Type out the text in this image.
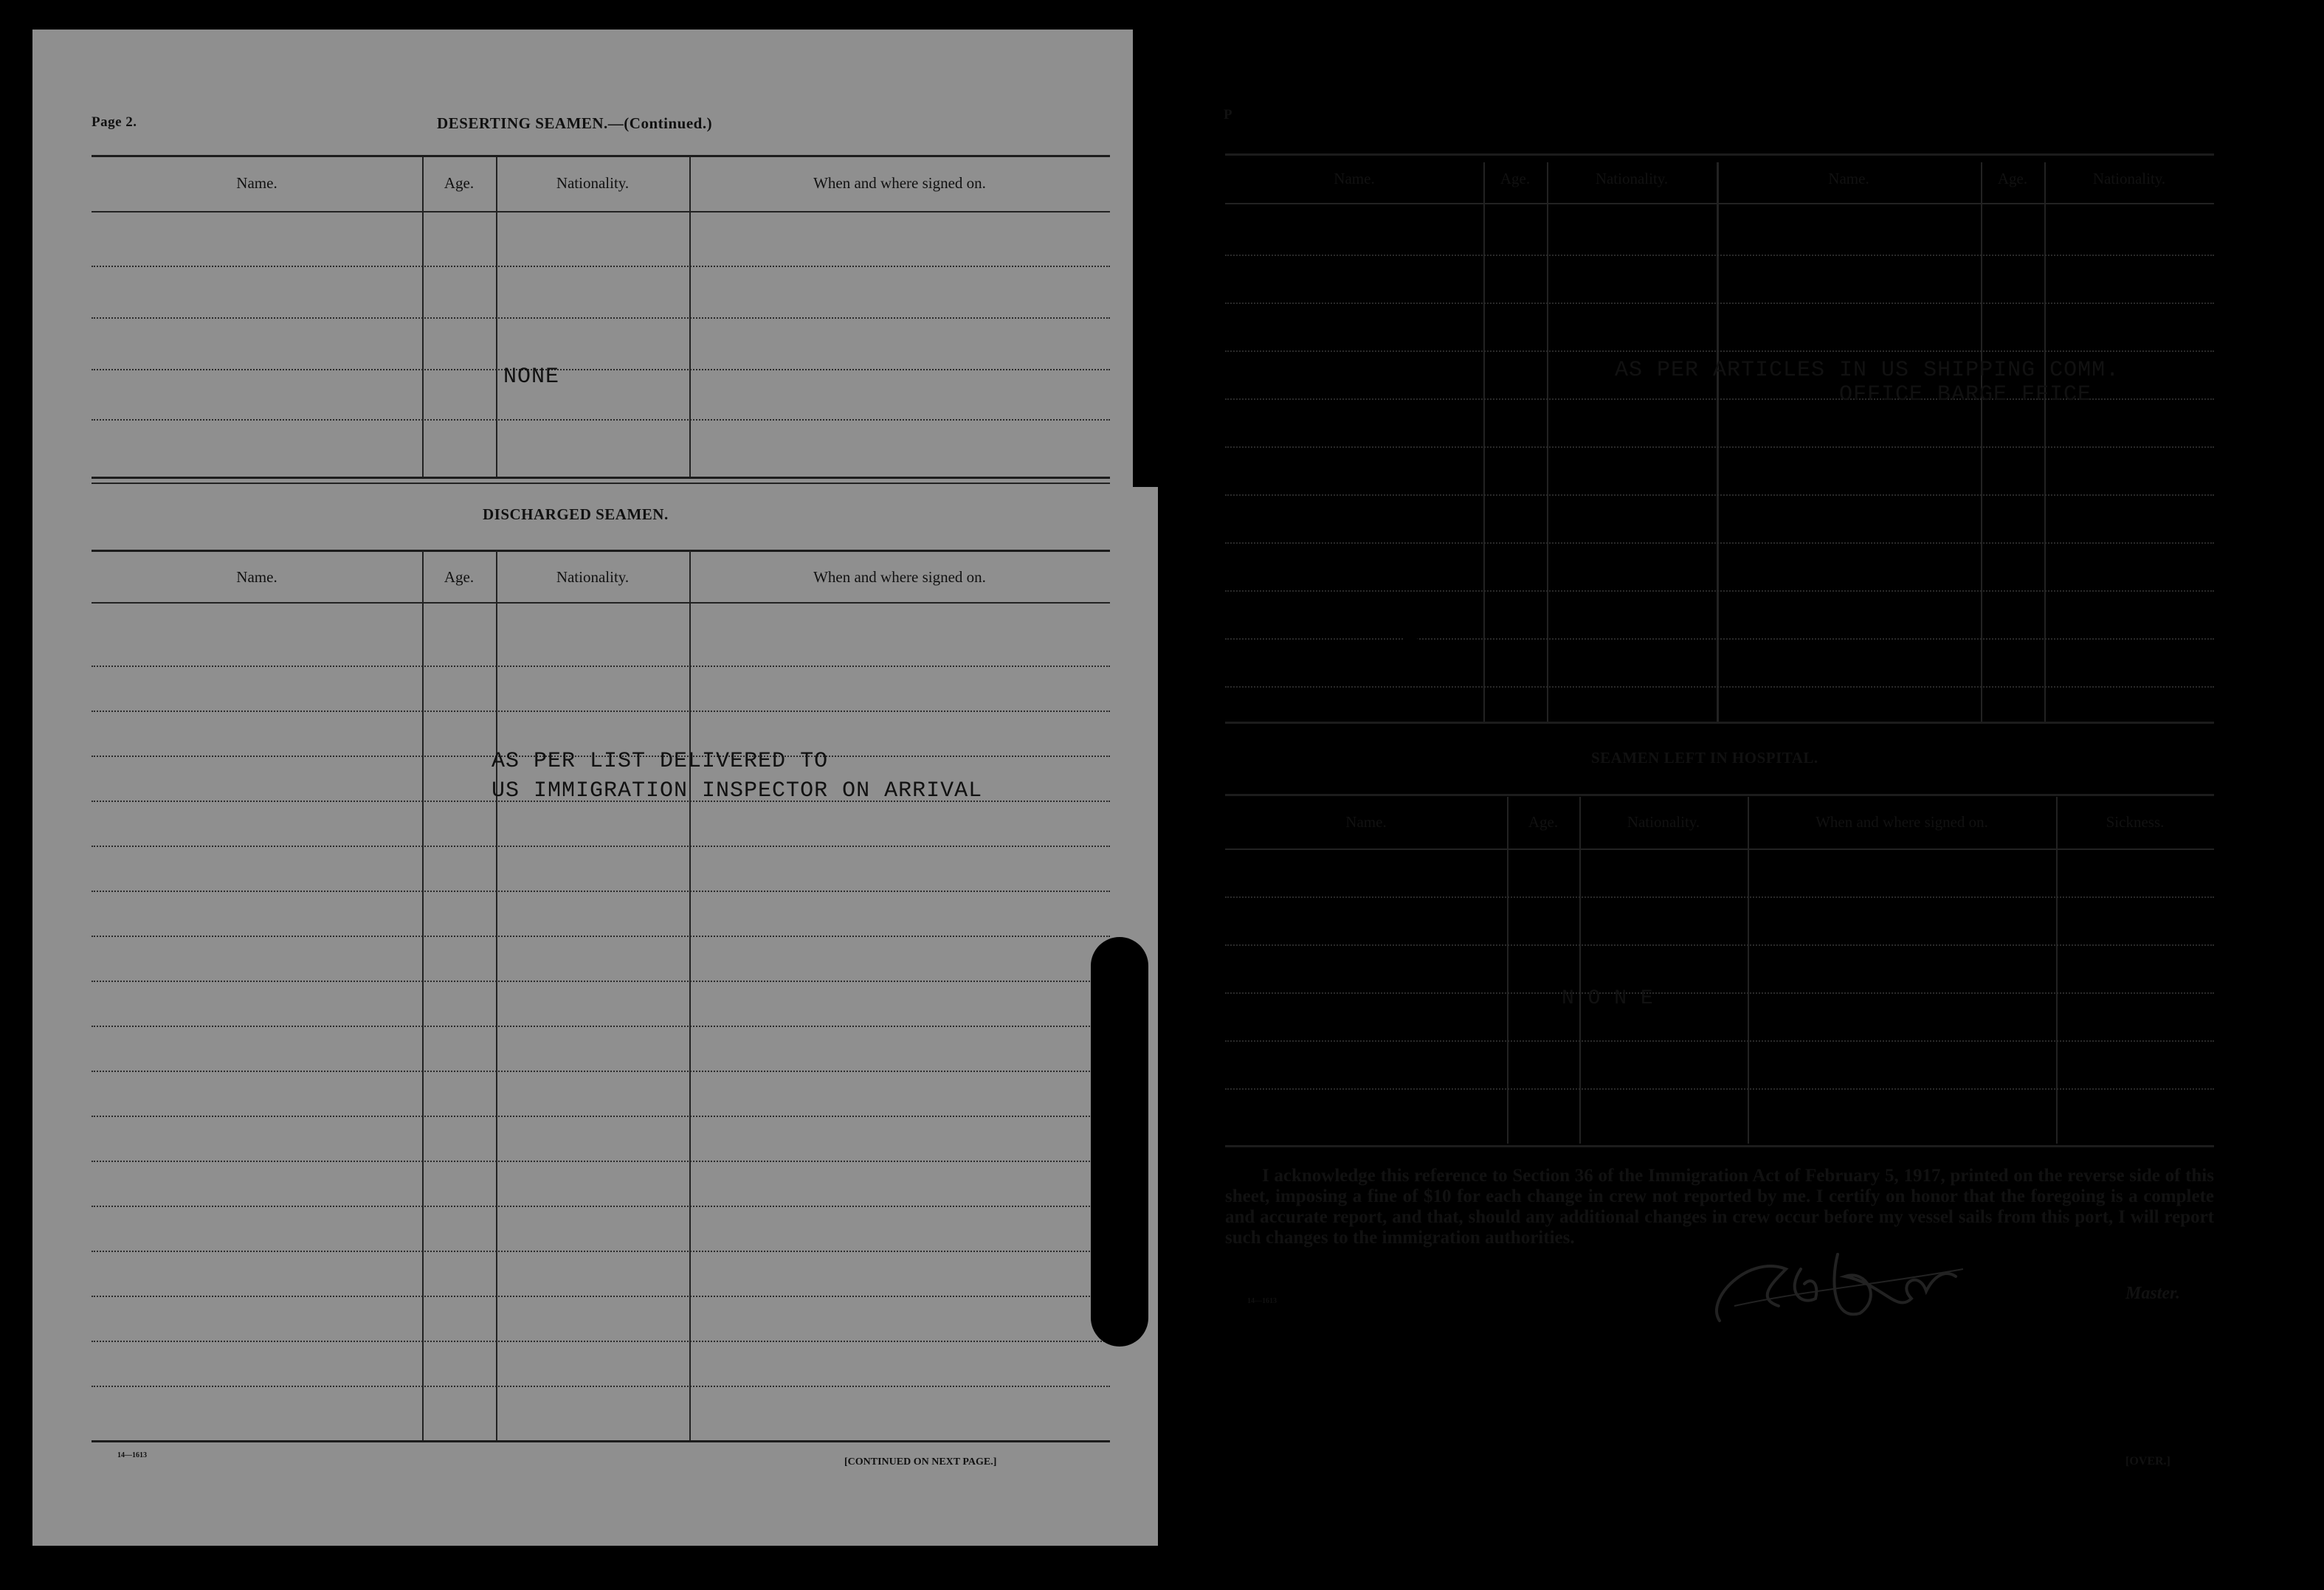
Page 2.	DESERTING SEAMEN.—(Continued.)
Name.	Age.	Nationality.	When and where signed on.
NONE
DISCHARGED SEAMEN.
Name.	Age.	Nationality.	When and where signed on.
AS PER LIST DELIVERED TO
US IMMIGRATION INSPECTOR ON ARRIVAL
14—1613
[CONTINUED ON NEXT PAGE.]
P
Name.	Age.	Nationality.	Name.	Age.	Nationality.
AS PER ARTICLES IN US SHIPPING COMM.
OFFICE BARGE FFICE
SEAMEN LEFT IN HOSPITAL.
Name.	Age.	Nationality.	When and where signed on.	Sickness.
N O N E
I acknowledge this reference to Section 36 of the Immigration Act of February 5, 1917, printed on the reverse side of this sheet, imposing a fine of $10 for each change in crew not reported by me. I certify on honor that the foregoing is a complete and accurate report, and that, should any additional changes in crew occur before my vessel sails from this port, I will report such changes to the immigration authorities.
14—1613	Master.
[OVER.]
